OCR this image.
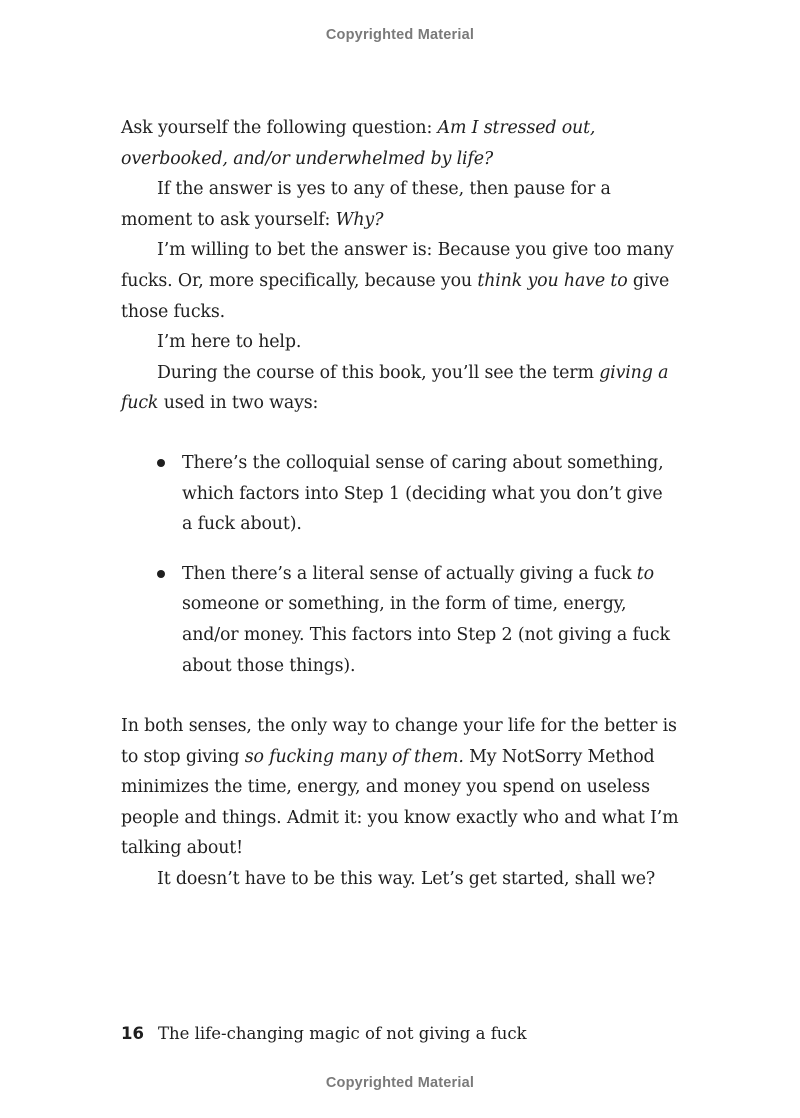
Copyrighted Material

Ask yourself the following question: Am I stressed out, overbooked, and/or underwhelmed by life?

If the answer is yes to any of these, then pause for a moment to ask yourself: Why?

I’m willing to bet the answer is: Because you give too many fucks. Or, more specifically, because you think you have to give those fucks.

I’m here to help.

During the course of this book, you’ll see the term giving a fuck used in two ways:

There’s the colloquial sense of caring about something, which factors into Step 1 (deciding what you don’t give a fuck about).
Then there’s a literal sense of actually giving a fuck to someone or something, in the form of time, energy, and/or money. This factors into Step 2 (not giving a fuck about those things).

In both senses, the only way to change your life for the better is to stop giving so fucking many of them. My NotSorry Method minimizes the time, energy, and money you spend on useless people and things. Admit it: you know exactly who and what I’m talking about!

It doesn’t have to be this way. Let’s get started, shall we?

16 The life-changing magic of not giving a fuck
Copyrighted Material
